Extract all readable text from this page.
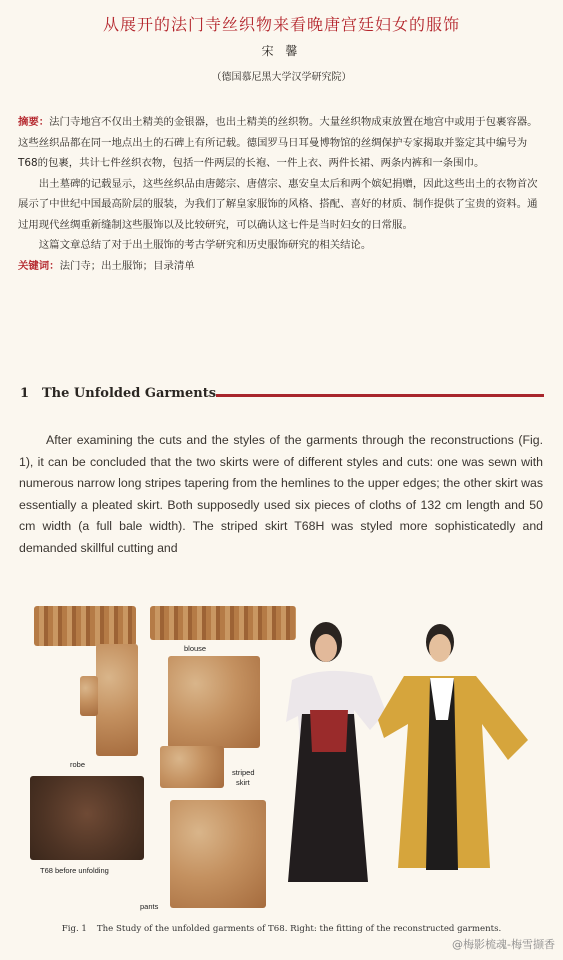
从展开的法门寺丝织物来看晚唐宫廷妇女的服饰
宋 馨
（德国慕尼黑大学汉学研究院）

摘要：法门寺地宫不仅出土精美的金银器，也出土精美的丝织物。大量丝织物成束放置在地宫中或用于包裹容器。这些丝织品都在同一地点出土的石碑上有所记载。德国罗马日耳曼博物馆的丝绸保护专家揭取并鉴定其中编号为T68的包裹，共计七件丝织衣物，包括一件两层的长袍、一件上衣、两件长裙、两条内裤和一条围巾。

出土墓碑的记载显示，这些丝织品由唐懿宗、唐僖宗、惠安皇太后和两个嫔妃捐赠，因此这些出土的衣物首次展示了中世纪中国最高阶层的服装，为我们了解皇家服饰的风格、搭配、喜好的材质、制作提供了宝贵的资料。通过用现代丝绸重新缝制这些服饰以及比较研究，可以确认这七件是当时妇女的日常服。

这篇文章总结了对于出土服饰的考古学研究和历史服饰研究的相关结论。

关键词：法门寺；出土服饰；目录清单

1 The Unfolded Garments

After examining the cuts and the styles of the garments through the reconstructions (Fig. 1), it can be concluded that the two skirts were of different styles and cuts: one was sewn with numerous narrow long stripes tapering from the hemlines to the upper edges; the other skirt was essentially a pleated skirt. Both supposedly used six pieces of cloths of 132 cm length and 50 cm width (a full bale width). The striped skirt T68H was styled more sophisticatedly and demanded skillful cutting and

robe
blouse
striped
skirt
T68 before unfolding
pants
Fig. 1 The Study of the unfolded garments of T68. Right: the fitting of the reconstructed garments.
@梅影梳魂-梅雪撷香
